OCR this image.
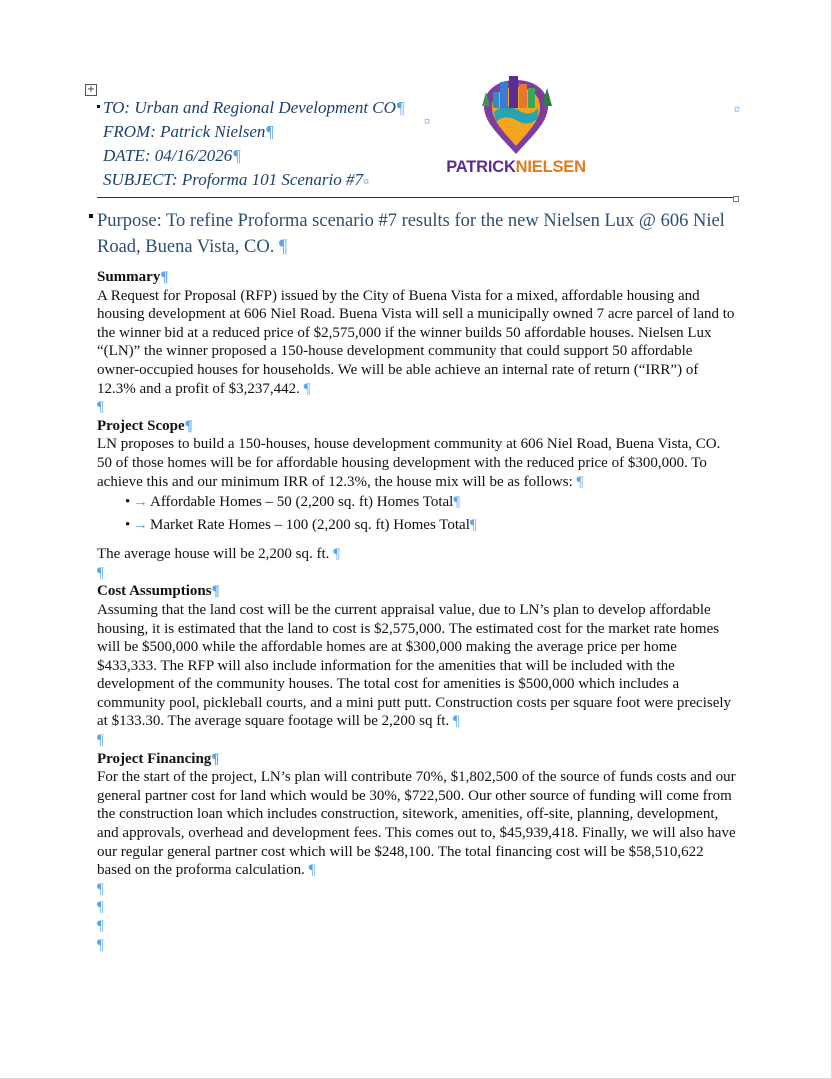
+
TO: Urban and Regional Development CO¶
FROM: Patrick Nielsen¶
DATE: 04/16/2026¶
SUBJECT: Proforma 101 Scenario #7¤
¤
¤
PATRICKNIELSEN
Purpose: To refine Proforma scenario #7 results for the new Nielsen Lux @ 606 Niel Road, Buena Vista, CO. ¶

Summary¶

A Request for Proposal (RFP) issued by the City of Buena Vista for a mixed, affordable housing and housing development at 606 Niel Road. Buena Vista will sell a municipally owned 7 acre parcel of land to the winner bid at a reduced price of $2,575,000 if the winner builds 50 affordable houses. Nielsen Lux “(LN)” the winner proposed a 150-house development community that could support 50 affordable owner-occupied houses for households. We will be able achieve an internal rate of return (“IRR”) of 12.3% and a profit of $3,237,442. ¶

¶

Project Scope¶

LN proposes to build a 150-houses, house development community at 606 Niel Road, Buena Vista, CO. 50 of those homes will be for affordable housing development with the reduced price of $300,000. To achieve this and our minimum IRR of 12.3%, the house mix will be as follows: ¶

• → Affordable Homes – 50 (2,200 sq. ft) Homes Total¶
• → Market Rate Homes – 100 (2,200 sq. ft) Homes Total¶

The average house will be 2,200 sq. ft. ¶

¶

Cost Assumptions¶

Assuming that the land cost will be the current appraisal value, due to LN’s plan to develop affordable housing, it is estimated that the land to cost is $2,575,000. The estimated cost for the market rate homes will be $500,000 while the affordable homes are at $300,000 making the average price per home $433,333. The RFP will also include information for the amenities that will be included with the development of the community houses. The total cost for amenities is $500,000 which includes a community pool, pickleball courts, and a mini putt putt. Construction costs per square foot were precisely at $133.30. The average square footage will be 2,200 sq ft. ¶

¶

Project Financing¶

For the start of the project, LN’s plan will contribute 70%, $1,802,500 of the source of funds costs and our general partner cost for land which would be 30%, $722,500. Our other source of funding will come from the construction loan which includes construction, sitework, amenities, off-site, planning, development, and approvals, overhead and development fees. This comes out to, $45,939,418. Finally, we will also have our regular general partner cost which will be $248,100. The total financing cost will be $58,510,622 based on the proforma calculation. ¶

¶

¶

¶

¶
